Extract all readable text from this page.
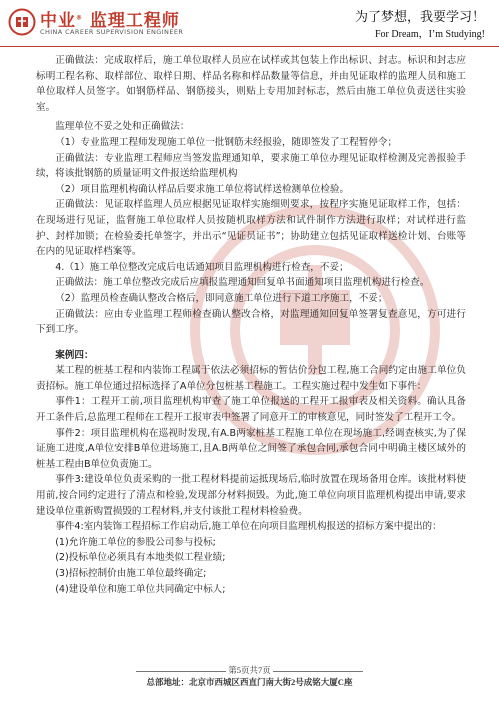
中业® 监理工程师
CHINA CAREER SUPERVISION ENGINEER
为了梦想，我要学习！
For Dream，I’m Studying!

正确做法：完成取样后，施工单位取样人员应在试样或其包装上作出标识、封志。标识和封志应标明工程名称、取样部位、取样日期、样品名称和样品数量等信息，并由见证取样的监理人员和施工单位取样人员签字。如钢筋样品、钢筋接头，则贴上专用加封标志，然后由施工单位负责送往实验室。

监理单位不妥之处和正确做法：

（1）专业监理工程师发现施工单位一批钢筋未经报验，随即签发了工程暂停令；

正确做法：专业监理工程师应当签发监理通知单，要求施工单位办理见证取样检测及完善报验手续，将该批钢筋的质量证明文件报送给监理机构

（2）项目监理机构确认样品后要求施工单位将试样送检测单位检验。

正确做法：见证取样监理人员应根据见证取样实施细则要求，按程序实施见证取样工作，包括：在现场进行见证，监督施工单位取样人员按随机取样方法和试件制作方法进行取样；对试样进行监护、封样加锁；在检验委托单签字，并出示“见证员证书”；协助建立包括见证取样送检计划、台账等在内的见证取样档案等。

4.（1）施工单位整改完成后电话通知项目监理机构进行检查，不妥；

正确做法：施工单位整改完成后应填报监理通知回复单书面通知项目监理机构进行检查。

（2）监理员检查确认整改合格后，即同意施工单位进行下道工序施工，不妥；

正确做法：应由专业监理工程师检查确认整改合格，对监理通知回复单签署复查意见，方可进行下到工序。

案例四：

某工程的桩基工程和内装饰工程属于依法必须招标的暂估价分包工程,施工合同约定由施工单位负责招标。施工单位通过招标选择了A单位分包桩基工程施工。工程实施过程中发生如下事件：

事件1：工程开工前,项目监理机构审查了施工单位报送的工程开工报审表及相关资料。确认具备开工条件后,总监理工程师在工程开工报审表中签署了同意开工的审核意见，同时签发了工程开工令。

事件2：项目监理机构在巡视时发现,有A.B两家桩基工程施工单位在现场施工,经调查核实,为了保证施工进度,A单位安排B单位进场施工,且A.B两单位之间签了承包合同,承包合同中明确主楼区域外的桩基工程由B单位负责施工。

事件3:建设单位负责采购的一批工程材料提前运抵现场后,临时放置在现场备用仓库。该批材料使用前,按合同约定进行了清点和检验,发现部分材料损毁。为此,施工单位向项目监理机构提出申请,要求建设单位重新购置损毁的工程材料,并支付该批工程材料检验费。

事件4:室内装饰工程招标工作启动后,施工单位在向项目监理机构报送的招标方案中提出的：

(1)允许施工单位的参股公司参与投标;

(2)投标单位必须具有本地类似工程业绩;

(3)招标控制价由施工单位最终确定;

(4)建设单位和施工单位共同确定中标人;

第5页共7页
总部地址：北京市西城区西直门南大街2号成铭大厦C座
